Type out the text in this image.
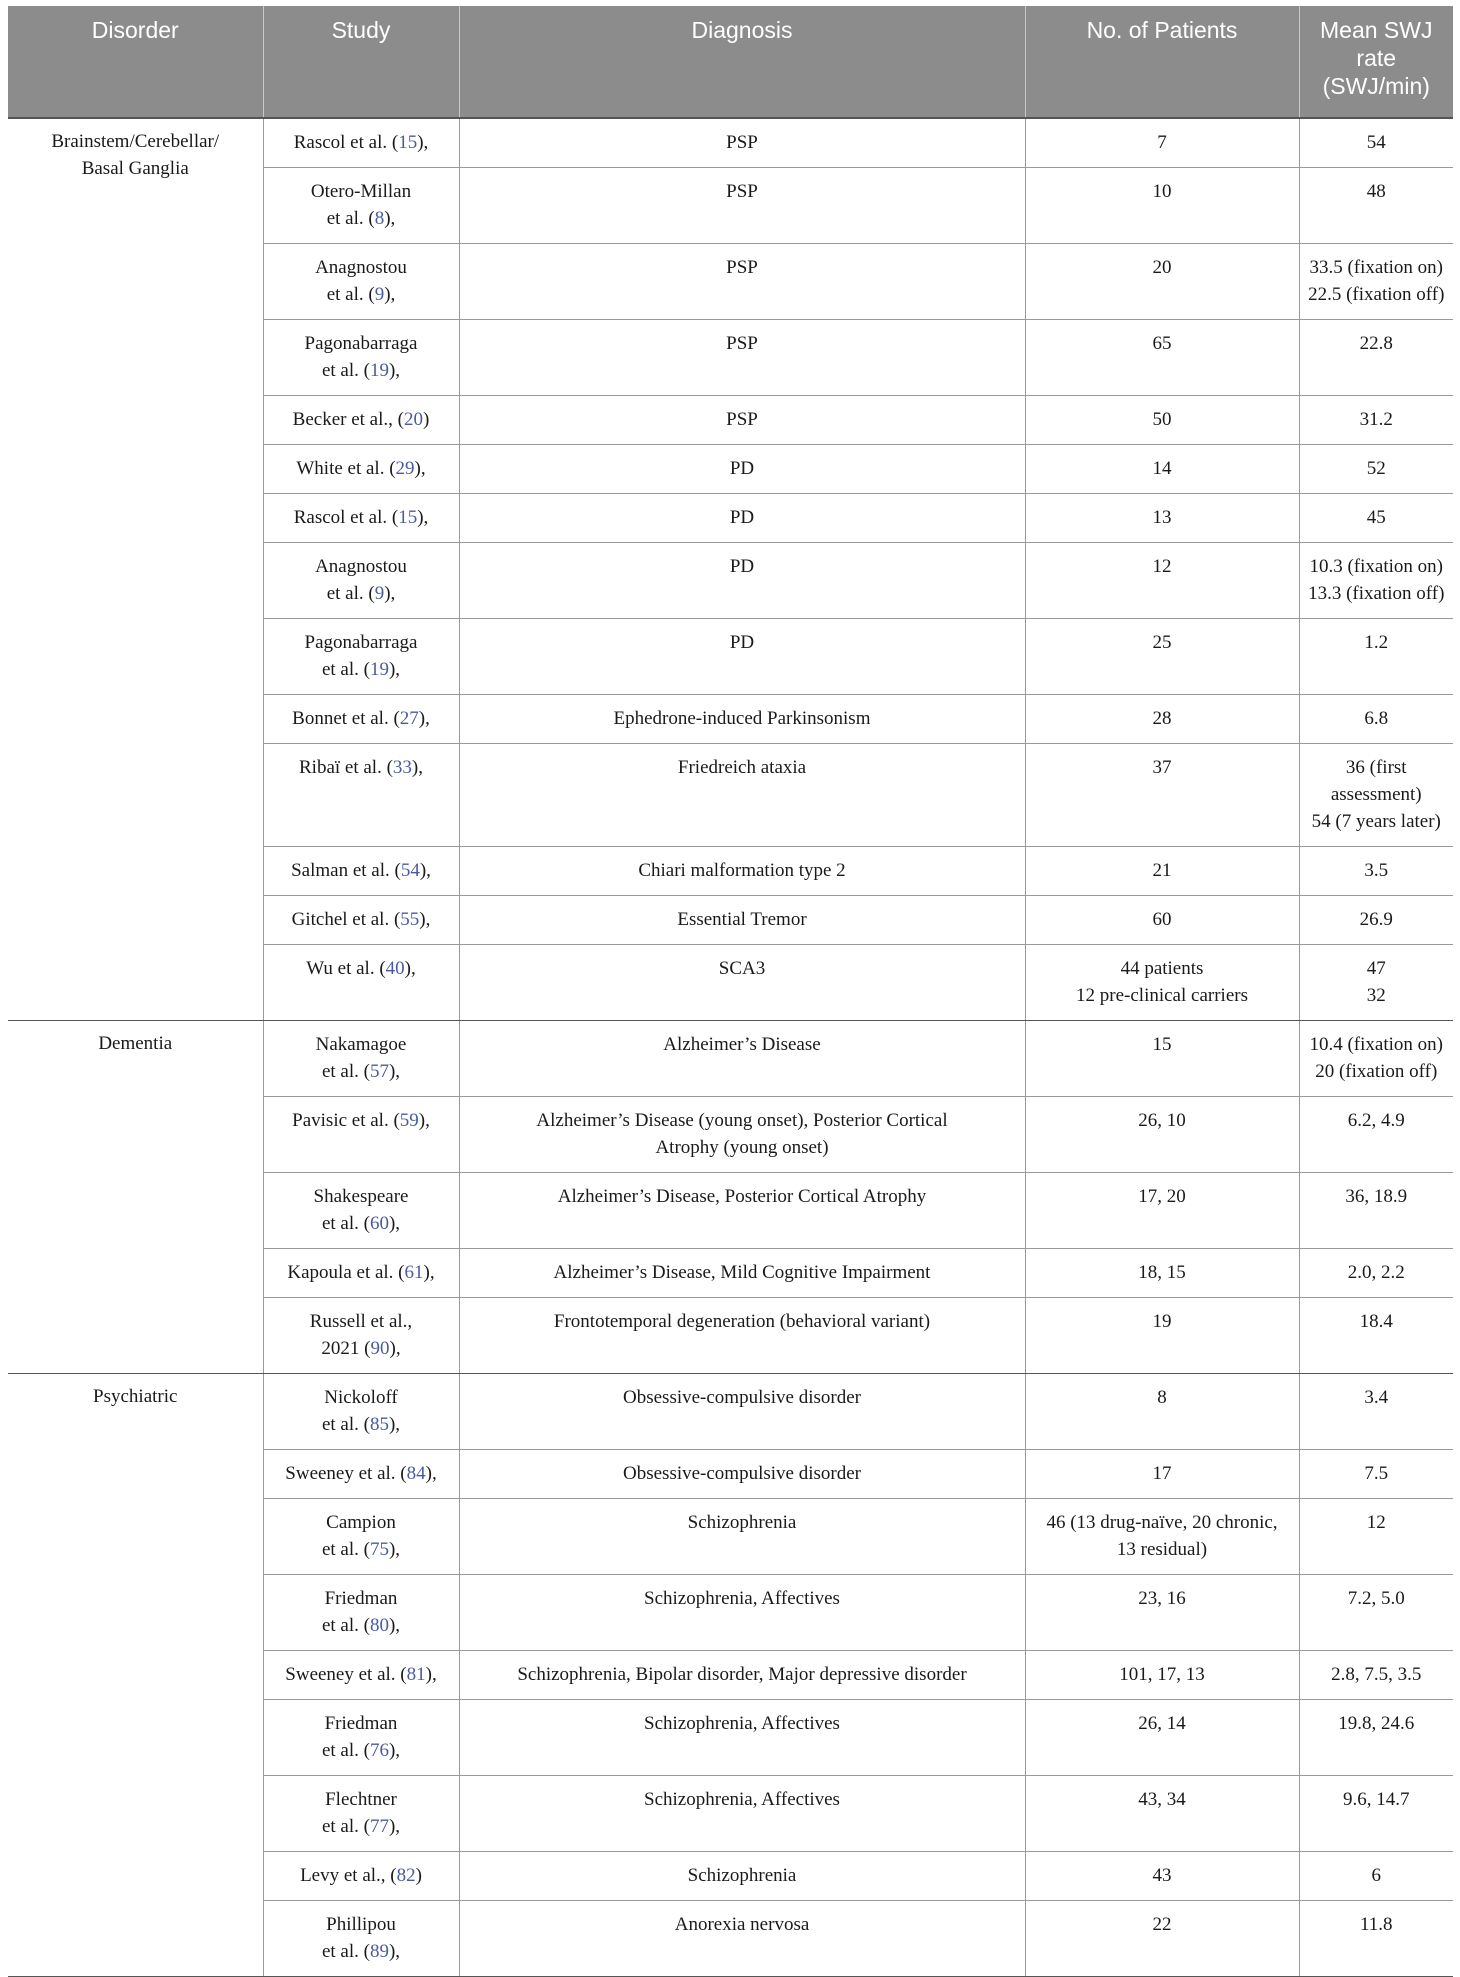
Disorder	Study	Diagnosis	No. of Patients	Mean SWJ
rate
(SWJ/min)

Brainstem/Cerebellar/
Basal Ganglia	Rascol et al. (15),	PSP	7	54

	Otero-Millan
et al. (8),	PSP	10	48

	Anagnostou
et al. (9),	PSP	20	33.5 (fixation on)
22.5 (fixation off)

	Pagonabarraga
et al. (19),	PSP	65	22.8

	Becker et al., (20)	PSP	50	31.2

	White et al. (29),	PD	14	52

	Rascol et al. (15),	PD	13	45

	Anagnostou
et al. (9),	PD	12	10.3 (fixation on)
13.3 (fixation off)

	Pagonabarraga
et al. (19),	PD	25	1.2

	Bonnet et al. (27),	Ephedrone-induced Parkinsonism	28	6.8

	Ribaï et al. (33),	Friedreich ataxia	37	36 (first
assessment)
54 (7 years later)

	Salman et al. (54),	Chiari malformation type 2	21	3.5

	Gitchel et al. (55),	Essential Tremor	60	26.9

	Wu et al. (40),	SCA3	44 patients
12 pre-clinical carriers	47
32

Dementia	Nakamagoe
et al. (57),	Alzheimer’s Disease	15	10.4 (fixation on)
20 (fixation off)

	Pavisic et al. (59),	Alzheimer’s Disease (young onset), Posterior Cortical
Atrophy (young onset)	26, 10	6.2, 4.9

	Shakespeare
et al. (60),	Alzheimer’s Disease, Posterior Cortical Atrophy	17, 20	36, 18.9

	Kapoula et al. (61),	Alzheimer’s Disease, Mild Cognitive Impairment	18, 15	2.0, 2.2

	Russell et al.,
2021 (90),	Frontotemporal degeneration (behavioral variant)	19	18.4

Psychiatric	Nickoloff
et al. (85),	Obsessive-compulsive disorder	8	3.4

	Sweeney et al. (84),	Obsessive-compulsive disorder	17	7.5

	Campion
et al. (75),	Schizophrenia	46 (13 drug-naïve, 20 chronic,
13 residual)	12

	Friedman
et al. (80),	Schizophrenia, Affectives	23, 16	7.2, 5.0

	Sweeney et al. (81),	Schizophrenia, Bipolar disorder, Major depressive disorder	101, 17, 13	2.8, 7.5, 3.5

	Friedman
et al. (76),	Schizophrenia, Affectives	26, 14	19.8, 24.6

	Flechtner
et al. (77),	Schizophrenia, Affectives	43, 34	9.6, 14.7

	Levy et al., (82)	Schizophrenia	43	6

	Phillipou
et al. (89),	Anorexia nervosa	22	11.8
